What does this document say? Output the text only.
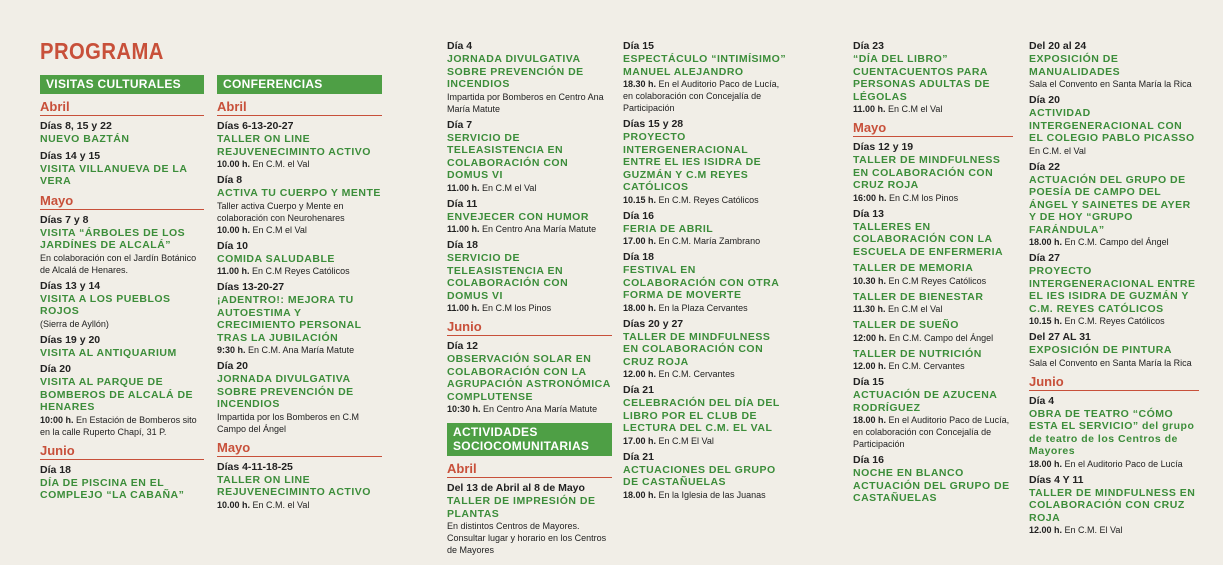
PROGRAMA
VISITAS CULTURALES
Abril
Días 8, 15 y 22
NUEVO BAZTÁN
Días 14 y 15
VISITA VILLANUEVA DE LA VERA
Mayo
Días 7 y 8
VISITA “ÁRBOLES DE LOS JARDÍNES DE ALCALÁ”
En colaboración con el Jardín Botánico de Alcalá de Henares.
Días 13 y 14
VISITA A LOS PUEBLOS ROJOS
(Sierra de Ayllón)
Días 19 y 20
VISITA AL ANTIQUARIUM
Día 20
VISITA AL PARQUE DE BOMBEROS DE ALCALÁ DE HENARES
10:00 h. En Estación de Bomberos sito en la calle Ruperto Chapí, 31 P.
Junio
Día 18
DÍA DE PISCINA EN EL COMPLEJO “LA CABAÑA”
CONFERENCIAS
Abril
Días 6-13-20-27
TALLER ON LINE REJUVENECIMINTO ACTIVO
10.00 h. En C.M. el Val
Día 8
ACTIVA TU CUERPO Y MENTE
Taller activa Cuerpo y Mente en colaboración con Neurohenares
10.00 h. En C.M el Val
Día 10
COMIDA SALUDABLE
11.00 h. En C.M Reyes Católicos
Días 13-20-27
¡ADENTRO!: MEJORA TU AUTOESTIMA Y CRECIMIENTO PERSONAL TRAS LA JUBILACIÓN
9:30 h. En C.M. Ana María Matute
Día 20
JORNADA DIVULGATIVA SOBRE PREVENCIÓN DE INCENDIOS
Impartida por los Bomberos en C.M Campo del Ángel
Mayo
Días 4-11-18-25
TALLER ON LINE REJUVENECIMINTO ACTIVO
10.00 h. En C.M. el Val
Día 4
JORNADA DIVULGATIVA SOBRE PREVENCIÓN DE INCENDIOS
Impartida por Bomberos en Centro Ana María Matute
Día 7
SERVICIO DE TELEASISTENCIA EN COLABORACIÓN CON DOMUS VI
11.00 h. En C.M el Val
Día 11
ENVEJECER CON HUMOR
11.00 h. En Centro Ana María Matute
Día 18
SERVICIO DE TELEASISTENCIA EN COLABORACIÓN CON DOMUS VI
11.00 h. En C.M los Pinos
Junio
Día 12
OBSERVACIÓN SOLAR EN COLABORACIÓN CON LA AGRUPACIÓN ASTRONÓMICA COMPLUTENSE
10:30 h. En Centro Ana María Matute
ACTIVIDADES SOCIOCOMUNITARIAS
Abril
Del 13 de Abril al 8 de Mayo
TALLER DE IMPRESIÓN DE PLANTAS
En distintos Centros de Mayores. Consultar lugar y horario en los Centros de Mayores
Día 15
ESPECTÁCULO “INTIMÍSIMO” MANUEL ALEJANDRO
18.30 h. En el Auditorio Paco de Lucía, en colaboración con Concejalía de Participación
Días 15 y 28
PROYECTO INTERGENERACIONAL ENTRE EL IES ISIDRA DE GUZMÁN Y C.M REYES CATÓLICOS
10.15 h. En C.M. Reyes Católicos
Día 16
FERIA DE ABRIL
17.00 h. En C.M. María Zambrano
Día 18
FESTIVAL EN COLABORACIÓN CON OTRA FORMA DE MOVERTE
18.00 h. En la Plaza Cervantes
Días 20 y 27
TALLER DE MINDFULNESS EN COLABORACIÓN CON CRUZ ROJA
12.00 h. En C.M. Cervantes
Día 21
CELEBRACIÓN DEL DÍA DEL LIBRO POR EL CLUB DE LECTURA DEL C.M. EL VAL
17.00 h. En C.M El Val
Día 21
ACTUACIONES DEL GRUPO DE CASTAÑUELAS
18.00 h. En la Iglesia de las Juanas
Día 23
“DÍA DEL LIBRO” CUENTACUENTOS PARA PERSONAS ADULTAS DE LÉGOLAS
11.00 h. En C.M el Val
Mayo
Días 12 y 19
TALLER DE MINDFULNESS EN COLABORACIÓN CON CRUZ ROJA
16:00 h. En C.M los Pinos
Día 13
TALLERES EN COLABORACIÓN CON LA ESCUELA DE ENFERMERIA
TALLER DE MEMORIA
10.30 h. En C.M Reyes Católicos
TALLER DE BIENESTAR
11.30 h. En C.M el Val
TALLER DE SUEÑO
12:00 h. En C.M. Campo del Ángel
TALLER DE NUTRICIÓN
12.00 h. En C.M. Cervantes
Día 15
ACTUACIÓN DE AZUCENA RODRÍGUEZ
18.00 h. En el Auditorio Paco de Lucía, en colaboración con Concejalía de Participación
Día 16
NOCHE EN BLANCO ACTUACIÓN DEL GRUPO DE CASTAÑUELAS
Del 20 al 24
EXPOSICIÓN DE MANUALIDADES
Sala el Convento en Santa María la Rica
Día 20
ACTIVIDAD INTERGENERACIONAL CON EL COLEGIO PABLO PICASSO
En C.M. el Val
Día 22
ACTUACIÓN DEL GRUPO DE POESÍA DE CAMPO DEL ÁNGEL Y SAINETES DE AYER Y DE HOY “GRUPO FARÁNDULA”
18.00 h. En C.M. Campo del Ángel
Día 27
PROYECTO INTERGENERACIONAL ENTRE EL IES ISIDRA DE GUZMÁN Y C.M. REYES CATÓLICOS
10.15 h. En C.M. Reyes Católicos
Del 27 AL 31
EXPOSICIÓN DE PINTURA
Sala el Convento en Santa María la Rica
Junio
Día 4
OBRA DE TEATRO “CÓMO ESTA EL SERVICIO” del grupo de teatro de los Centros de Mayores
18.00 h. En el Auditorio Paco de Lucía
Días 4 Y 11
TALLER DE MINDFULNESS EN COLABORACIÓN CON CRUZ ROJA
12.00 h. En C.M. El Val
